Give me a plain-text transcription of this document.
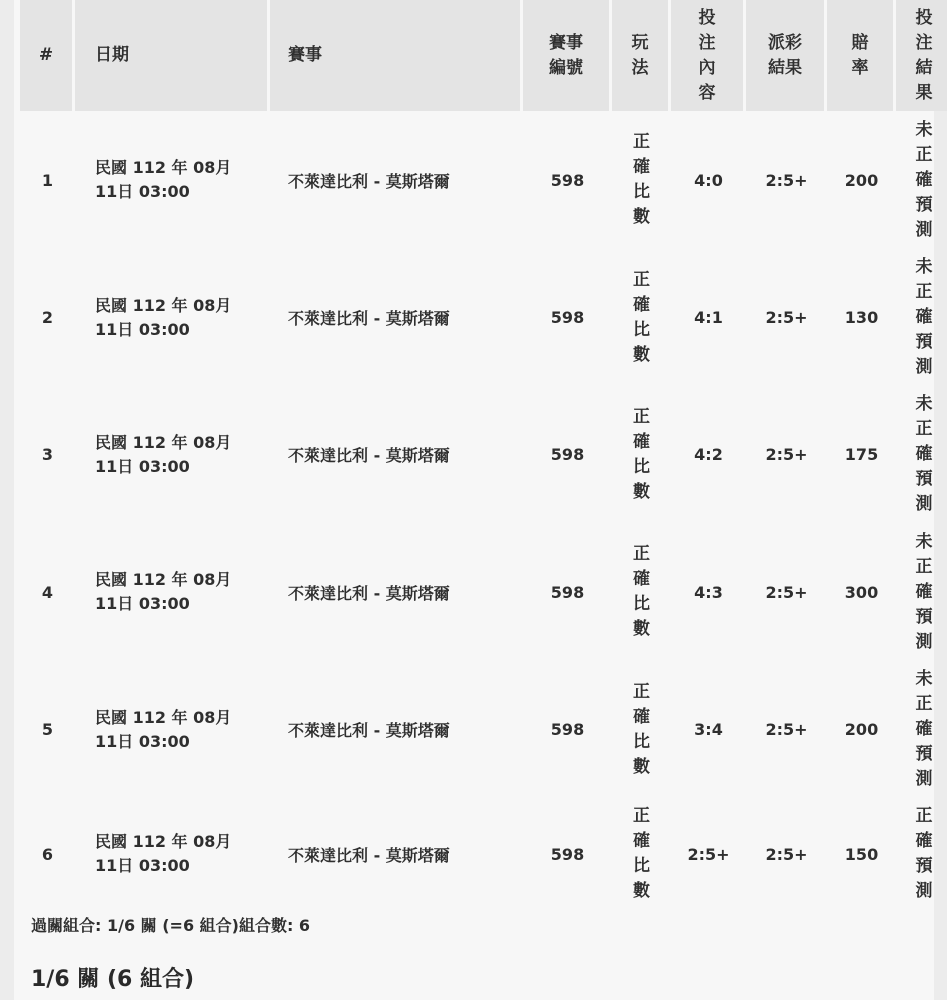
#	日期	賽事	賽事編號	玩法	投注內容	派彩結果	賠率	投注結果
1	民國 112 年 08月 11日 03:00	不萊達比利 - 莫斯塔爾	598	正確比數	4:0	2:5+	200	未正確預測
2	民國 112 年 08月 11日 03:00	不萊達比利 - 莫斯塔爾	598	正確比數	4:1	2:5+	130	未正確預測
3	民國 112 年 08月 11日 03:00	不萊達比利 - 莫斯塔爾	598	正確比數	4:2	2:5+	175	未正確預測
4	民國 112 年 08月 11日 03:00	不萊達比利 - 莫斯塔爾	598	正確比數	4:3	2:5+	300	未正確預測
5	民國 112 年 08月 11日 03:00	不萊達比利 - 莫斯塔爾	598	正確比數	3:4	2:5+	200	未正確預測
6	民國 112 年 08月 11日 03:00	不萊達比利 - 莫斯塔爾	598	正確比數	2:5+	2:5+	150	正確預測
過關組合: 1/6 關 (=6 組合)組合數: 6
1/6 關 (6 組合)
